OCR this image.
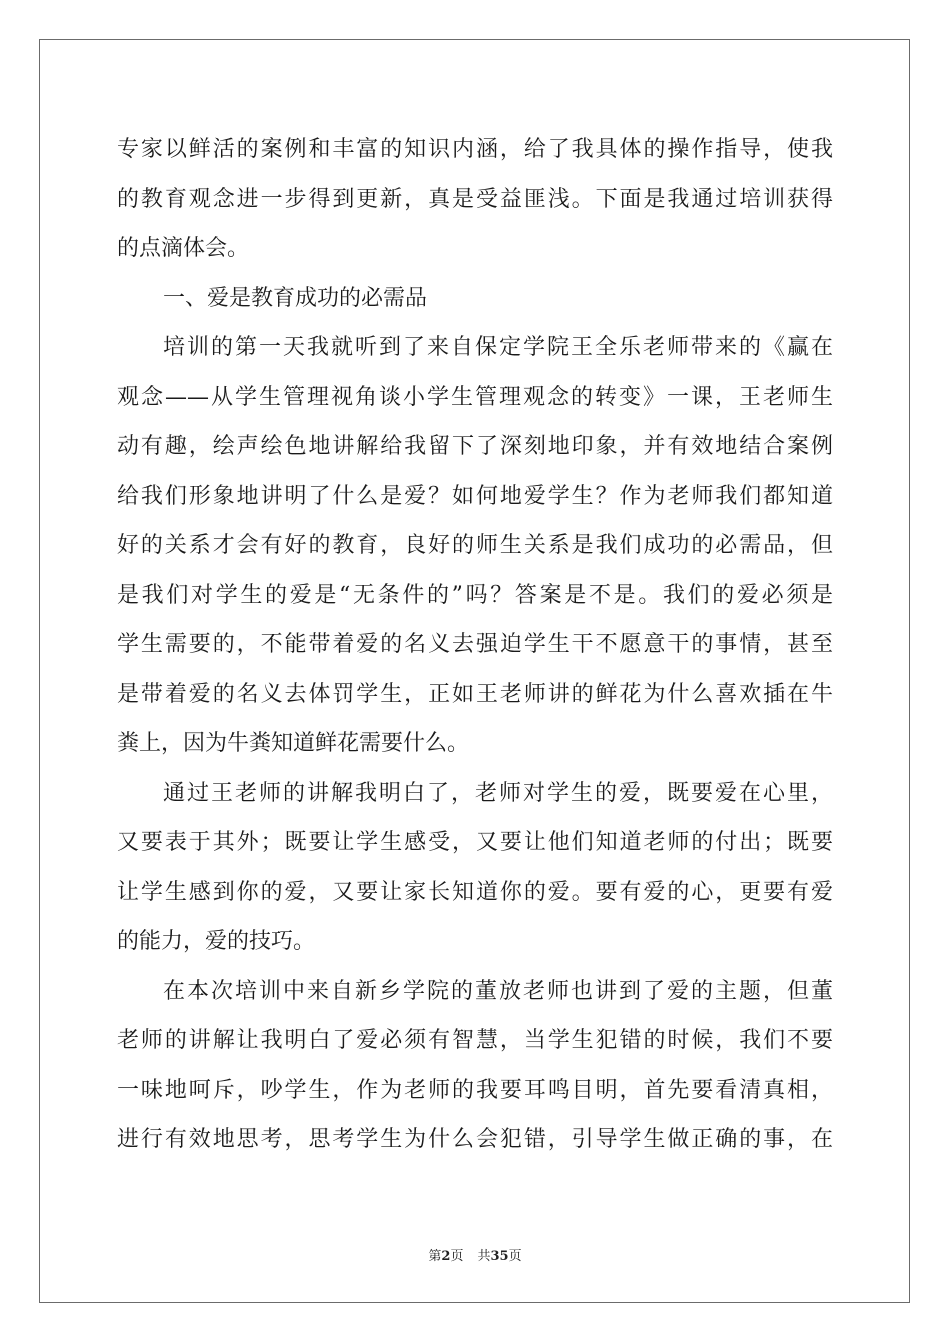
专家以鲜活的案例和丰富的知识内涵，给了我具体的操作指导，使我
的教育观念进一步得到更新，真是受益匪浅。下面是我通过培训获得
的点滴体会。
一、爱是教育成功的必需品
培训的第一天我就听到了来自保定学院王全乐老师带来的《赢在
观念——从学生管理视角谈小学生管理观念的转变》一课，王老师生
动有趣，绘声绘色地讲解给我留下了深刻地印象，并有效地结合案例
给我们形象地讲明了什么是爱？如何地爱学生？作为老师我们都知道
好的关系才会有好的教育，良好的师生关系是我们成功的必需品，但
是我们对学生的爱是“无条件的”吗？答案是不是。我们的爱必须是
学生需要的，不能带着爱的名义去强迫学生干不愿意干的事情，甚至
是带着爱的名义去体罚学生，正如王老师讲的鲜花为什么喜欢插在牛
粪上，因为牛粪知道鲜花需要什么。
通过王老师的讲解我明白了，老师对学生的爱，既要爱在心里，
又要表于其外；既要让学生感受，又要让他们知道老师的付出；既要
让学生感到你的爱，又要让家长知道你的爱。要有爱的心，更要有爱
的能力，爱的技巧。
在本次培训中来自新乡学院的董放老师也讲到了爱的主题，但董
老师的讲解让我明白了爱必须有智慧，当学生犯错的时候，我们不要
一味地呵斥，吵学生，作为老师的我要耳鸣目明，首先要看清真相，
进行有效地思考，思考学生为什么会犯错，引导学生做正确的事，在
第2页 共35页
